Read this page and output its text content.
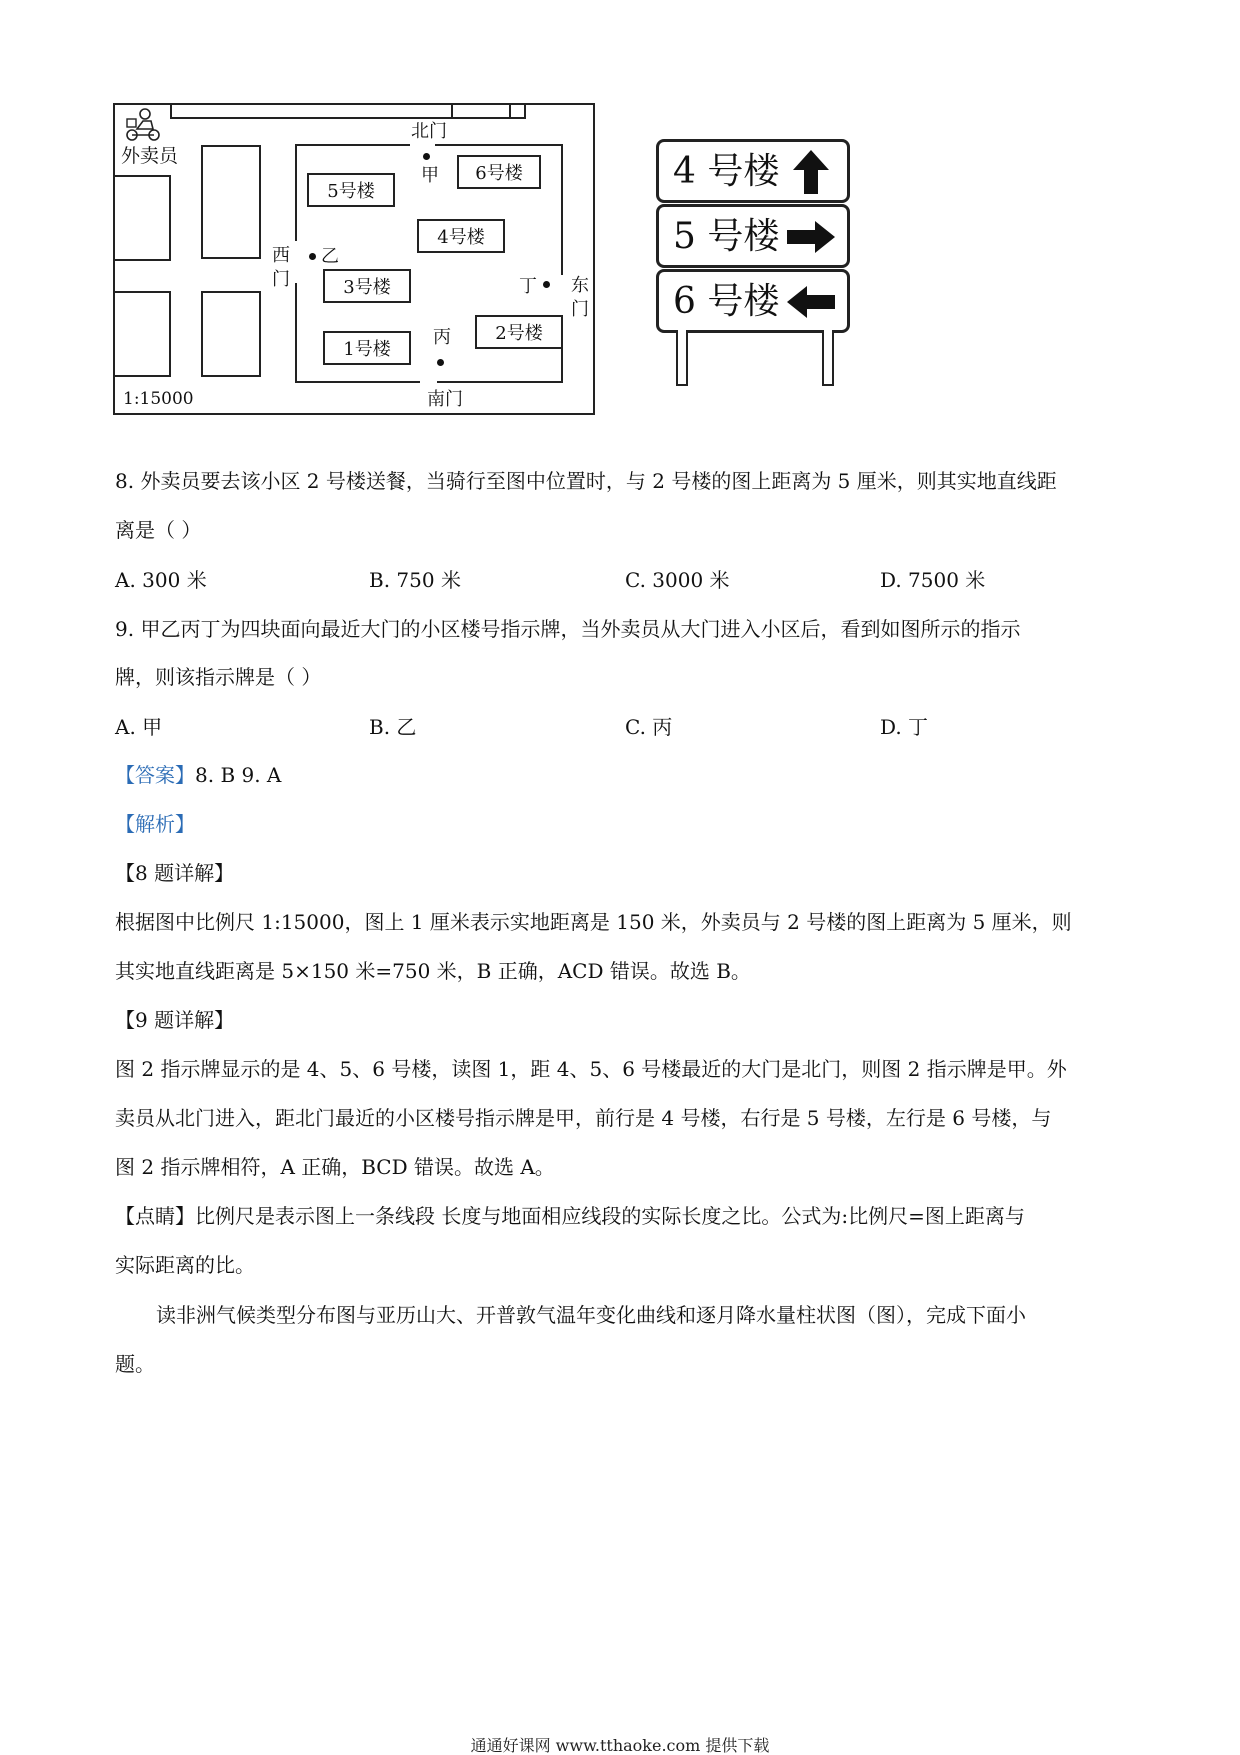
外卖员
北门
南门
西门
东门
甲
乙
丁
丙
5号楼
6号楼
4号楼
3号楼
2号楼
1号楼
1:15000
4 号楼
5 号楼
6 号楼
8. 外卖员要去该小区 2 号楼送餐，当骑行至图中位置时，与 2 号楼的图上距离为 5 厘米，则其实地直线距
离是（ ）
A. 300 米	B. 750 米	C. 3000 米	D. 7500 米
9. 甲乙丙丁为四块面向最近大门的小区楼号指示牌，当外卖员从大门进入小区后，看到如图所示的指示
牌，则该指示牌是（ ）
A. 甲	B. 乙	C. 丙	D. 丁
【答案】8. B 9. A
【解析】
【8 题详解】
根据图中比例尺 1:15000，图上 1 厘米表示实地距离是 150 米，外卖员与 2 号楼的图上距离为 5 厘米，则
其实地直线距离是 5×150 米=750 米，B 正确，ACD 错误。故选 B。
【9 题详解】
图 2 指示牌显示的是 4、5、6 号楼，读图 1，距 4、5、6 号楼最近的大门是北门，则图 2 指示牌是甲。外
卖员从北门进入，距北门最近的小区楼号指示牌是甲，前行是 4 号楼，右行是 5 号楼，左行是 6 号楼，与
图 2 指示牌相符，A 正确，BCD 错误。故选 A。
【点睛】比例尺是表示图上一条线段 长度与地面相应线段的实际长度之比。公式为:比例尺=图上距离与
实际距离的比。
读非洲气候类型分布图与亚历山大、开普敦气温年变化曲线和逐月降水量柱状图（图），完成下面小
题。
通通好课网 www.tthaoke.com 提供下载
